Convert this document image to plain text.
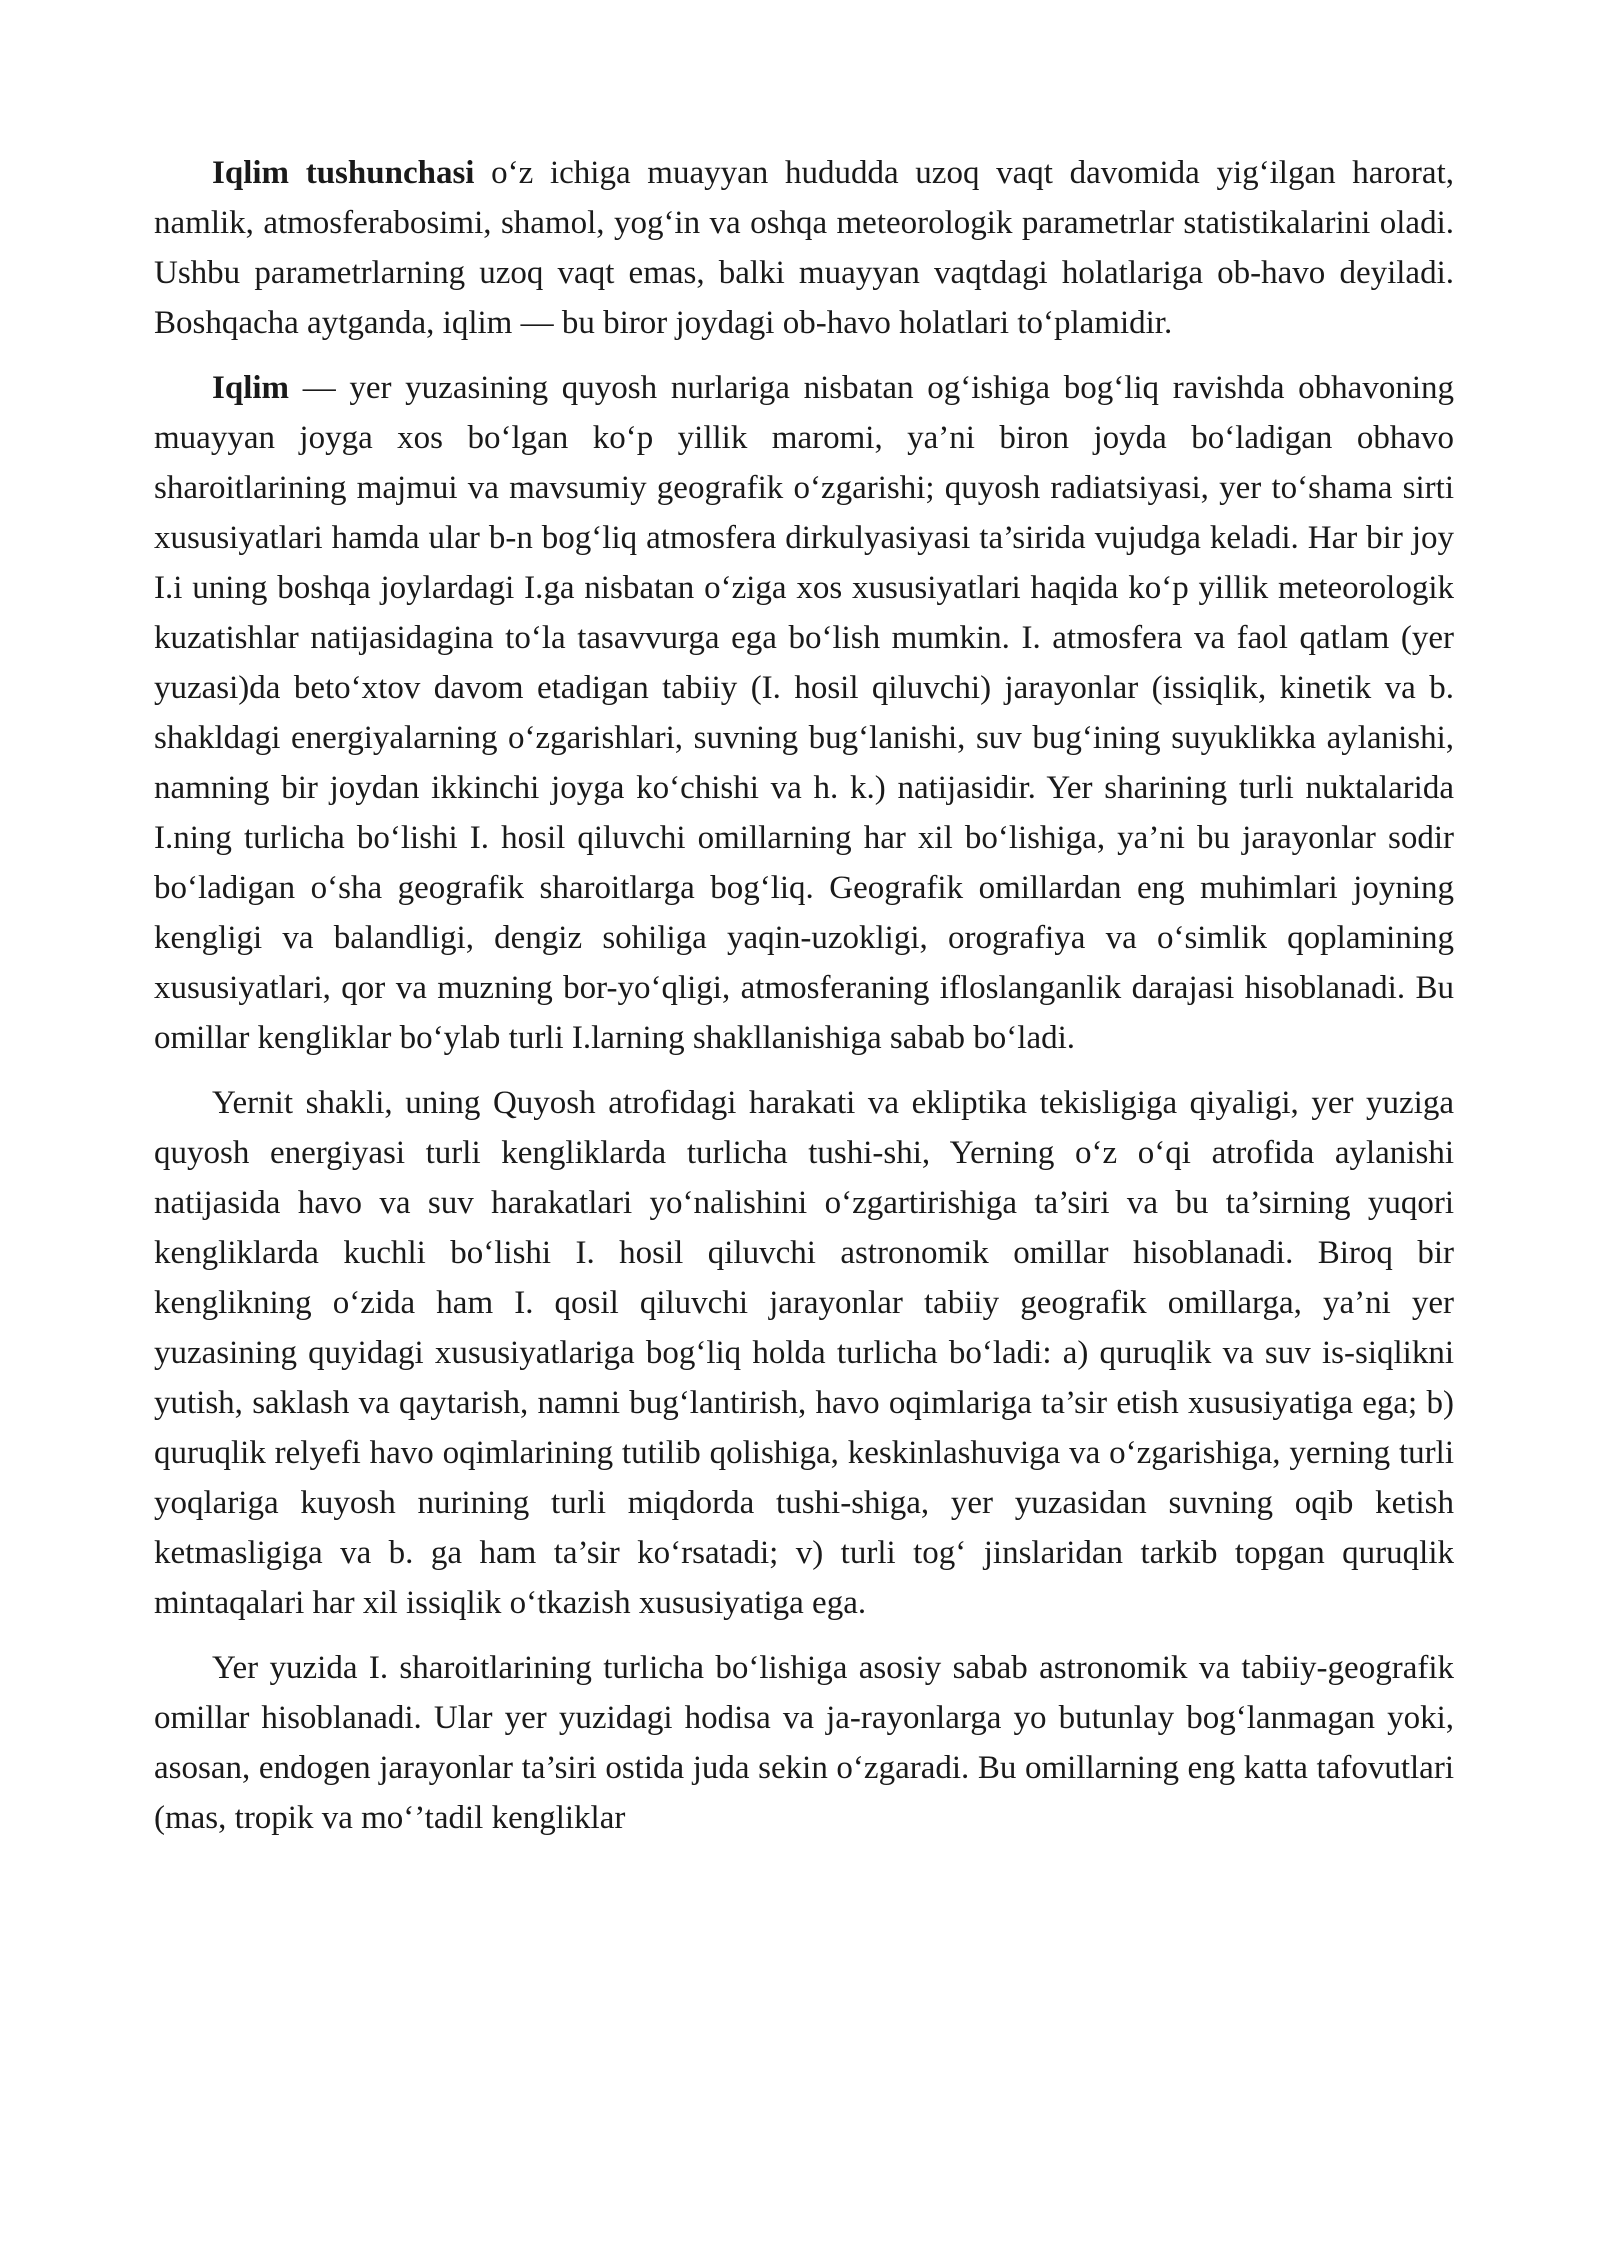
Iqlim tushunchasi o‘z ichiga muayyan hududda uzoq vaqt davomida yig‘ilgan harorat, namlik, atmosferabosimi, shamol, yog‘in va oshqa meteorologik parametrlar statistikalarini oladi. Ushbu parametrlarning uzoq vaqt emas, balki muayyan vaqtdagi holatlariga ob-havo deyiladi. Boshqacha aytganda, iqlim — bu biror joydagi ob-havo holatlari to‘plamidir.

Iqlim — yer yuzasining quyosh nurlariga nisbatan og‘ishiga bog‘liq ravishda obhavoning muayyan joyga xos bo‘lgan ko‘p yillik maromi, ya’ni biron joyda bo‘ladigan obhavo sharoitlarining majmui va mavsumiy geografik o‘zgarishi; quyosh radiatsiyasi, yer to‘shama sirti xususiyatlari hamda ular b-n bog‘liq atmosfera dirkulyasiyasi ta’sirida vujudga keladi. Har bir joy I.i uning boshqa joylardagi I.ga nisbatan o‘ziga xos xususiyatlari haqida ko‘p yillik meteorologik kuzatishlar natijasidagina to‘la tasavvurga ega bo‘lish mumkin. I. atmosfera va faol qatlam (yer yuzasi)da beto‘xtov davom etadigan tabiiy (I. hosil qiluvchi) jarayonlar (issiqlik, kinetik va b. shakldagi energiyalarning o‘zgarishlari, suvning bug‘lanishi, suv bug‘ining suyuklikka aylanishi, namning bir joydan ikkinchi joyga ko‘chishi va h. k.) natijasidir. Yer sharining turli nuktalarida I.ning turlicha bo‘lishi I. hosil qiluvchi omillarning har xil bo‘lishiga, ya’ni bu jarayonlar sodir bo‘ladigan o‘sha geografik sharoitlarga bog‘liq. Geografik omillardan eng muhimlari joyning kengligi va balandligi, dengiz sohiliga yaqin-uzokligi, orografiya va o‘simlik qoplamining xususiyatlari, qor va muzning bor-yo‘qligi, atmosferaning ifloslanganlik darajasi hisoblanadi. Bu omillar kengliklar bo‘ylab turli I.larning shakllanishiga sabab bo‘ladi.

Yernit shakli, uning Quyosh atrofidagi harakati va ekliptika tekisligiga qiyaligi, yer yuziga quyosh energiyasi turli kengliklarda turlicha tushi-shi, Yerning o‘z o‘qi atrofida aylanishi natijasida havo va suv harakatlari yo‘nalishini o‘zgartirishiga ta’siri va bu ta’sirning yuqori kengliklarda kuchli bo‘lishi I. hosil qiluvchi astronomik omillar hisoblanadi. Biroq bir kenglikning o‘zida ham I. qosil qiluvchi jarayonlar tabiiy geografik omillarga, ya’ni yer yuzasining quyidagi xususiyatlariga bog‘liq holda turlicha bo‘ladi: a) quruqlik va suv is-siqlikni yutish, saklash va qaytarish, namni bug‘lantirish, havo oqimlariga ta’sir etish xususiyatiga ega; b) quruqlik relyefi havo oqimlarining tutilib qolishiga, keskinlashuviga va o‘zgarishiga, yerning turli yoqlariga kuyosh nurining turli miqdorda tushi-shiga, yer yuzasidan suvning oqib ketish ketmasligiga va b. ga ham ta’sir ko‘rsatadi; v) turli tog‘ jinslaridan tarkib topgan quruqlik mintaqalari har xil issiqlik o‘tkazish xususiyatiga ega.

Yer yuzida I. sharoitlarining turlicha bo‘lishiga asosiy sabab astronomik va tabiiy-geografik omillar hisoblanadi. Ular yer yuzidagi hodisa va ja-rayonlarga yo butunlay bog‘lanmagan yoki, asosan, endogen jarayonlar ta’siri ostida juda sekin o‘zgaradi. Bu omillarning eng katta tafovutlari (mas, tropik va mo‘’tadil kengliklar
